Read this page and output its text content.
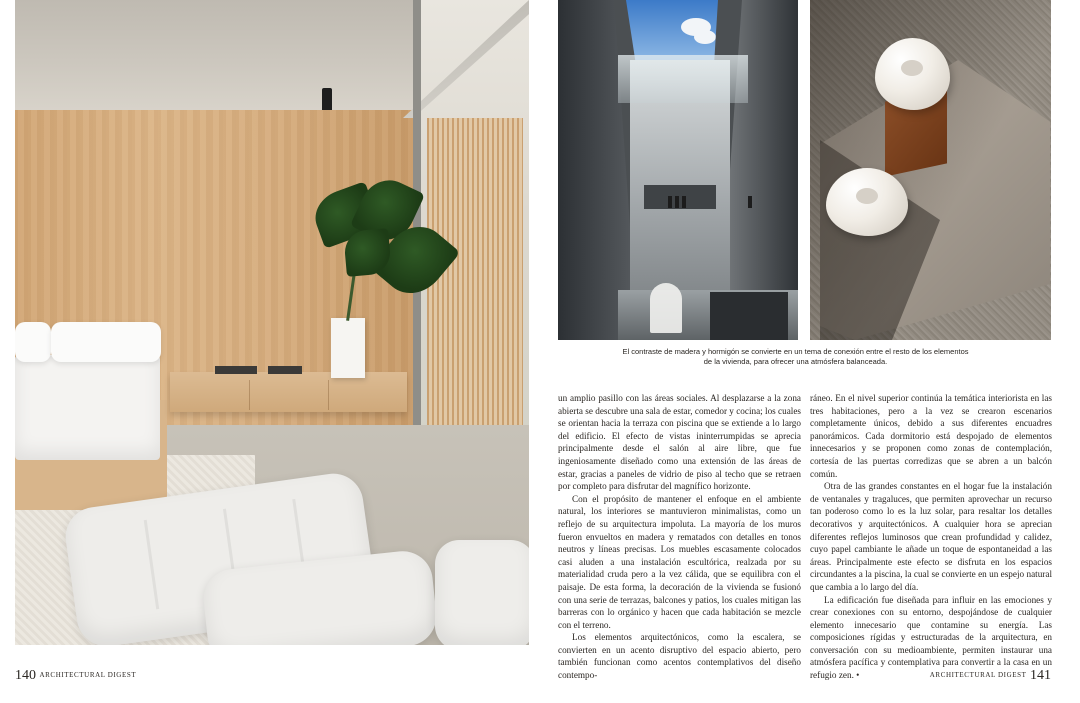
El contraste de madera y hormigón se convierte en un tema de conexión entre el resto de los elementos
de la vivienda, para ofrecer una atmósfera balanceada.

un amplio pasillo con las áreas sociales. Al desplazarse a la zona abierta se descubre una sala de estar, comedor y cocina; los cuales se orientan hacia la terraza con piscina que se extiende a lo largo del edificio. El efecto de vistas ininterrumpidas se aprecia principalmente desde el salón al aire libre, que fue ingeniosamente diseñado como una extensión de las áreas de estar, gracias a paneles de vidrio de piso al techo que se retraen por completo para disfrutar del magnífico horizonte.

Con el propósito de mantener el enfoque en el ambiente natural, los interiores se mantuvieron minimalistas, como un reflejo de su arquitectura impoluta. La mayoría de los muros fueron envueltos en madera y rematados con detalles en tonos neutros y líneas precisas. Los muebles escasamente colocados casi aluden a una instalación escultórica, realzada por su materialidad cruda pero a la vez cálida, que se equilibra con el paisaje. De esta forma, la decoración de la vivienda se fusionó con una serie de terrazas, balcones y patios, los cuales mitigan las barreras con lo orgánico y hacen que cada habitación se mezcle con el terreno.

Los elementos arquitectónicos, como la escalera, se convierten en un acento disruptivo del espacio abierto, pero también funcionan como acentos contemplativos del diseño contempo-

ráneo. En el nivel superior continúa la temática interiorista en las tres habitaciones, pero a la vez se crearon escenarios completamente únicos, debido a sus diferentes encuadres panorámicos. Cada dormitorio está despojado de elementos innecesarios y se proponen como zonas de contemplación, cortesía de las puertas corredizas que se abren a un balcón común.

Otra de las grandes constantes en el hogar fue la instalación de ventanales y tragaluces, que permiten aprovechar un recurso tan poderoso como lo es la luz solar, para resaltar los detalles decorativos y arquitectónicos. A cualquier hora se aprecian diferentes reflejos luminosos que crean profundidad y calidez, cuyo papel cambiante le añade un toque de espontaneidad a las áreas. Principalmente este efecto se disfruta en los espacios circundantes a la piscina, la cual se convierte en un espejo natural que cambia a lo largo del día.

La edificación fue diseñada para influir en las emociones y crear conexiones con su entorno, despojándose de cualquier elemento innecesario que contamine su energía. Las composiciones rígidas y estructuradas de la arquitectura, en conversación con su medioambiente, permiten instaurar una atmósfera pacífica y contemplativa para convertir a la casa en un refugio zen. •

140 ARCHITECTURAL DIGEST	ARCHITECTURAL DIGEST 141
